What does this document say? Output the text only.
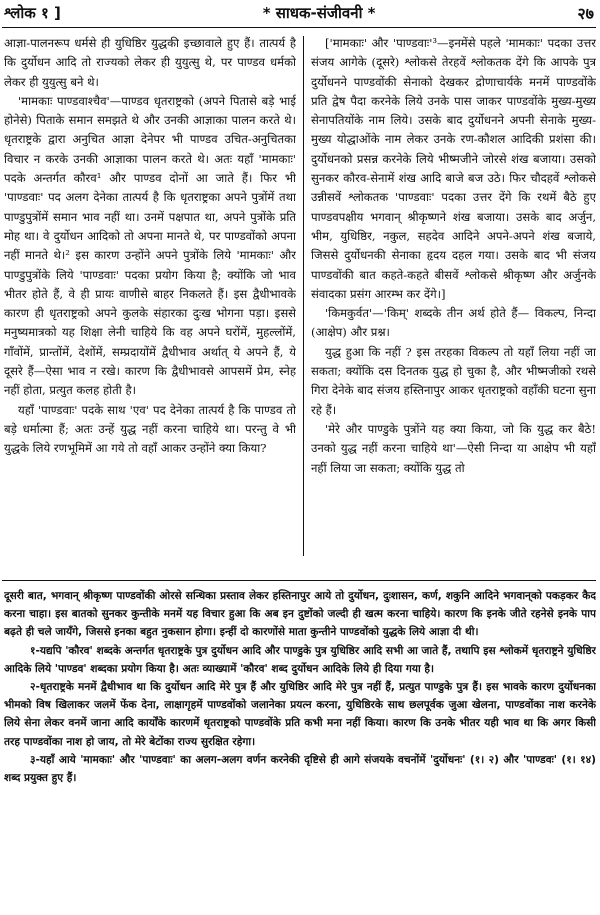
श्लोक १ ]	* साधक-संजीवनी *	२७

आज्ञा-पालनरूप धर्मसे ही युधिष्ठिर युद्धकी इच्छावाले हुए हैं। तात्पर्य है कि दुर्योधन आदि तो राज्यको लेकर ही युयुत्सु थे, पर पाण्डव धर्मको लेकर ही युयुत्सु बने थे।

'मामकाः पाण्डवाश्चैव'—पाण्डव धृतराष्ट्रको (अपने पितासे बड़े भाई होनेसे) पिताके समान समझते थे और उनकी आज्ञाका पालन करते थे। धृतराष्ट्रके द्वारा अनुचित आज्ञा देनेपर भी पाण्डव उचित-अनुचितका विचार न करके उनकी आज्ञाका पालन करते थे। अतः यहाँ 'मामकाः' पदके अन्तर्गत कौरव¹ और पाण्डव दोनों आ जाते हैं। फिर भी 'पाण्डवाः' पद अलग देनेका तात्पर्य है कि धृतराष्ट्रका अपने पुत्रोंमें तथा पाण्डुपुत्रोंमें समान भाव नहीं था। उनमें पक्षपात था, अपने पुत्रोंके प्रति मोह था। वे दुर्योधन आदिको तो अपना मानते थे, पर पाण्डवोंको अपना नहीं मानते थे।² इस कारण उन्होंने अपने पुत्रोंके लिये 'मामकाः' और पाण्डुपुत्रोंके लिये 'पाण्डवाः' पदका प्रयोग किया है; क्योंकि जो भाव भीतर होते हैं, वे ही प्रायः वाणीसे बाहर निकलते हैं। इस द्वैधीभावके कारण ही धृतराष्ट्रको अपने कुलके संहारका दुःख भोगना पड़ा। इससे मनुष्यमात्रको यह शिक्षा लेनी चाहिये कि वह अपने घरोंमें, मुहल्लोंमें, गाँवोंमें, प्रान्तोंमें, देशोंमें, सम्प्रदायोंमें द्वैधीभाव अर्थात् ये अपने हैं, ये दूसरे हैं—ऐसा भाव न रखे। कारण कि द्वैधीभावसे आपसमें प्रेम, स्नेह नहीं होता, प्रत्युत कलह होती है।

यहाँ 'पाण्डवाः' पदके साथ 'एव' पद देनेका तात्पर्य है कि पाण्डव तो बड़े धर्मात्मा हैं; अतः उन्हें युद्ध नहीं करना चाहिये था। परन्तु वे भी युद्धके लिये रणभूमिमें आ गये तो वहाँ आकर उन्होंने क्या किया?

['मामकाः' और 'पाण्डवाः'³—इनमेंसे पहले 'मामकाः' पदका उत्तर संजय आगेके (दूसरे) श्लोकसे तेरहवें श्लोकतक देंगे कि आपके पुत्र दुर्योधनने पाण्डवोंकी सेनाको देखकर द्रोणाचार्यके मनमें पाण्डवोंके प्रति द्वेष पैदा करनेके लिये उनके पास जाकर पाण्डवोंके मुख्य-मुख्य सेनापतियोंके नाम लिये। उसके बाद दुर्योधनने अपनी सेनाके मुख्य-मुख्य योद्धाओंके नाम लेकर उनके रण-कौशल आदिकी प्रशंसा की। दुर्योधनको प्रसन्न करनेके लिये भीष्मजीने जोरसे शंख बजाया। उसको सुनकर कौरव-सेनामें शंख आदि बाजे बज उठे। फिर चौदहवें श्लोकसे उन्नीसवें श्लोकतक 'पाण्डवाः' पदका उत्तर देंगे कि रथमें बैठे हुए पाण्डवपक्षीय भगवान् श्रीकृष्णने शंख बजाया। उसके बाद अर्जुन, भीम, युधिष्ठिर, नकुल, सहदेव आदिने अपने-अपने शंख बजाये, जिससे दुर्योधनकी सेनाका हृदय दहल गया। उसके बाद भी संजय पाण्डवोंकी बात कहते-कहते बीसवें श्लोकसे श्रीकृष्ण और अर्जुनके संवादका प्रसंग आरम्भ कर देंगे।]

'किमकुर्वत'—'किम्' शब्दके तीन अर्थ होते हैं— विकल्प, निन्दा (आक्षेप) और प्रश्न।

युद्ध हुआ कि नहीं ? इस तरहका विकल्प तो यहाँ लिया नहीं जा सकता; क्योंकि दस दिनतक युद्ध हो चुका है, और भीष्मजीको रथसे गिरा देनेके बाद संजय हस्तिनापुर आकर धृतराष्ट्रको वहाँकी घटना सुना रहे हैं।

'मेरे और पाण्डुके पुत्रोंने यह क्या किया, जो कि युद्ध कर बैठे! उनको युद्ध नहीं करना चाहिये था'—ऐसी निन्दा या आक्षेप भी यहाँ नहीं लिया जा सकता; क्योंकि युद्ध तो

दूसरी बात, भगवान् श्रीकृष्ण पाण्डवोंकी ओरसे सन्धिका प्रस्ताव लेकर हस्तिनापुर आये तो दुर्योधन, दुःशासन, कर्ण, शकुनि आदिने भगवान्‌को पकड़कर कैद करना चाहा। इस बातको सुनकर कुन्तीके मनमें यह विचार हुआ कि अब इन दुष्टोंको जल्दी ही खत्म करना चाहिये। कारण कि इनके जीते रहनेसे इनके पाप बढ़ते ही चले जायँगे, जिससे इनका बहुत नुकसान होगा। इन्हीं दो कारणोंसे माता कुन्तीने पाण्डवोंको युद्धके लिये आज्ञा दी थी।

१-यद्यपि 'कौरव' शब्दके अन्तर्गत धृतराष्ट्रके पुत्र दुर्योधन आदि और पाण्डुके पुत्र युधिष्ठिर आदि सभी आ जाते हैं, तथापि इस श्लोकमें धृतराष्ट्रने युधिष्ठिर आदिके लिये 'पाण्डव' शब्दका प्रयोग किया है। अतः व्याख्यामें 'कौरव' शब्द दुर्योधन आदिके लिये ही दिया गया है।

२-धृतराष्ट्रके मनमें द्वैधीभाव था कि दुर्योधन आदि मेरे पुत्र हैं और युधिष्ठिर आदि मेरे पुत्र नहीं हैं, प्रत्युत पाण्डुके पुत्र हैं। इस भावके कारण दुर्योधनका भीमको विष खिलाकर जलमें फेंक देना, लाक्षागृहमें पाण्डवोंको जलानेका प्रयत्न करना, युधिष्ठिरके साथ छलपूर्वक जुआ खेलना, पाण्डवोंका नाश करनेके लिये सेना लेकर वनमें जाना आदि कार्योंके कारणमें धृतराष्ट्रको पाण्डवोंके प्रति कभी मना नहीं किया। कारण कि उनके भीतर यही भाव था कि अगर किसी तरह पाण्डवोंका नाश हो जाय, तो मेरे बेटोंका राज्य सुरक्षित रहेगा।

३-यहाँ आये 'मामकाः' और 'पाण्डवाः' का अलग-अलग वर्णन करनेकी दृष्टिसे ही आगे संजयके वचनोंमें 'दुर्योधनः' (१। २) और 'पाण्डवः' (१। १४) शब्द प्रयुक्त हुए हैं।
